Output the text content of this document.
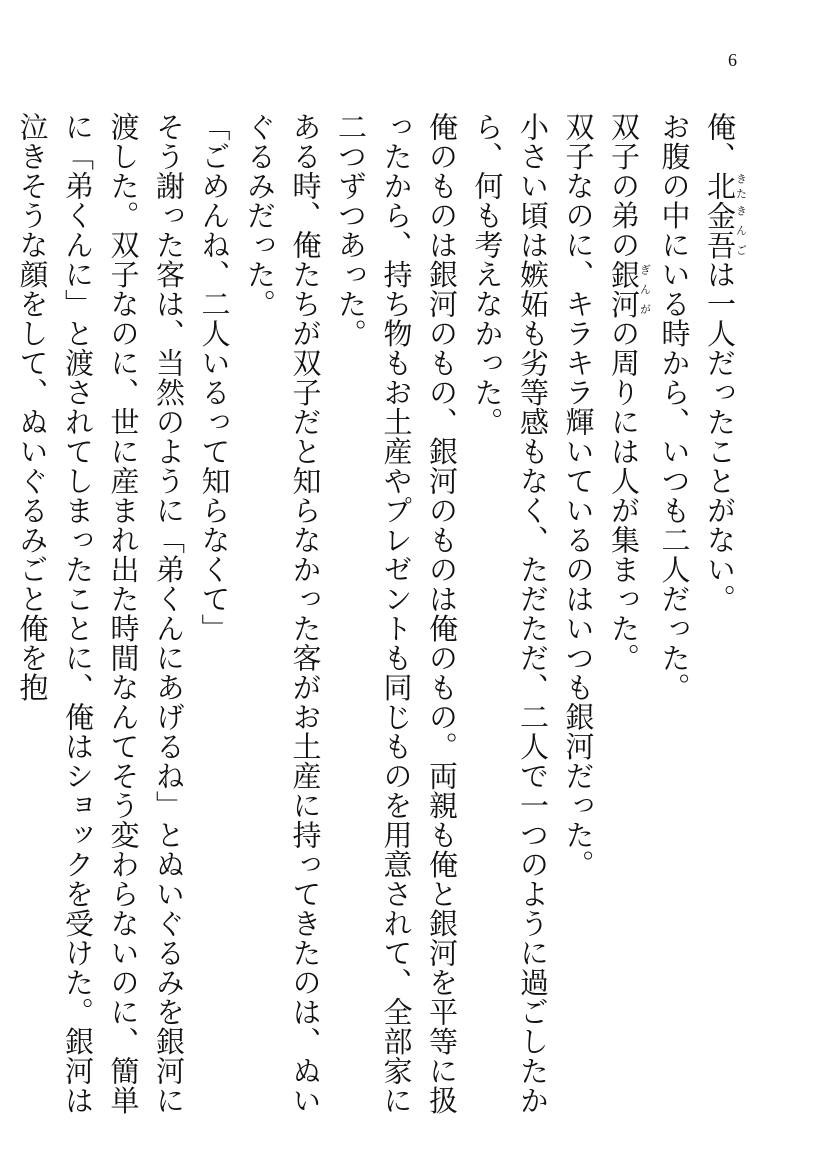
6

俺、北きた金吾きんごは一人だったことがない。

お腹の中にいる時から、いつも二人だった。

双子の弟の銀河ぎんがの周りには人が集まった。

双子なのに、キラキラ輝いているのはいつも銀河だった。

小さい頃は嫉妬も劣等感もなく、ただただ、二人で一つのように過ごしたから、何も考えなかった。

俺のものは銀河のもの、銀河のものは俺のもの。両親も俺と銀河を平等に扱ったから、持ち物もお土産やプレゼントも同じものを用意されて、全部家に二つずつあった。

ある時、俺たちが双子だと知らなかった客がお土産に持ってきたのは、ぬいぐるみだった。

「ごめんね、二人いるって知らなくて」

そう謝った客は、当然のように「弟くんにあげるね」とぬいぐるみを銀河に渡した。双子なのに、世に産まれ出た時間なんてそう変わらないのに、簡単に「弟くんに」と渡されてしまったことに、俺はショックを受けた。銀河は泣きそうな顔をして、ぬいぐるみごと俺を抱
